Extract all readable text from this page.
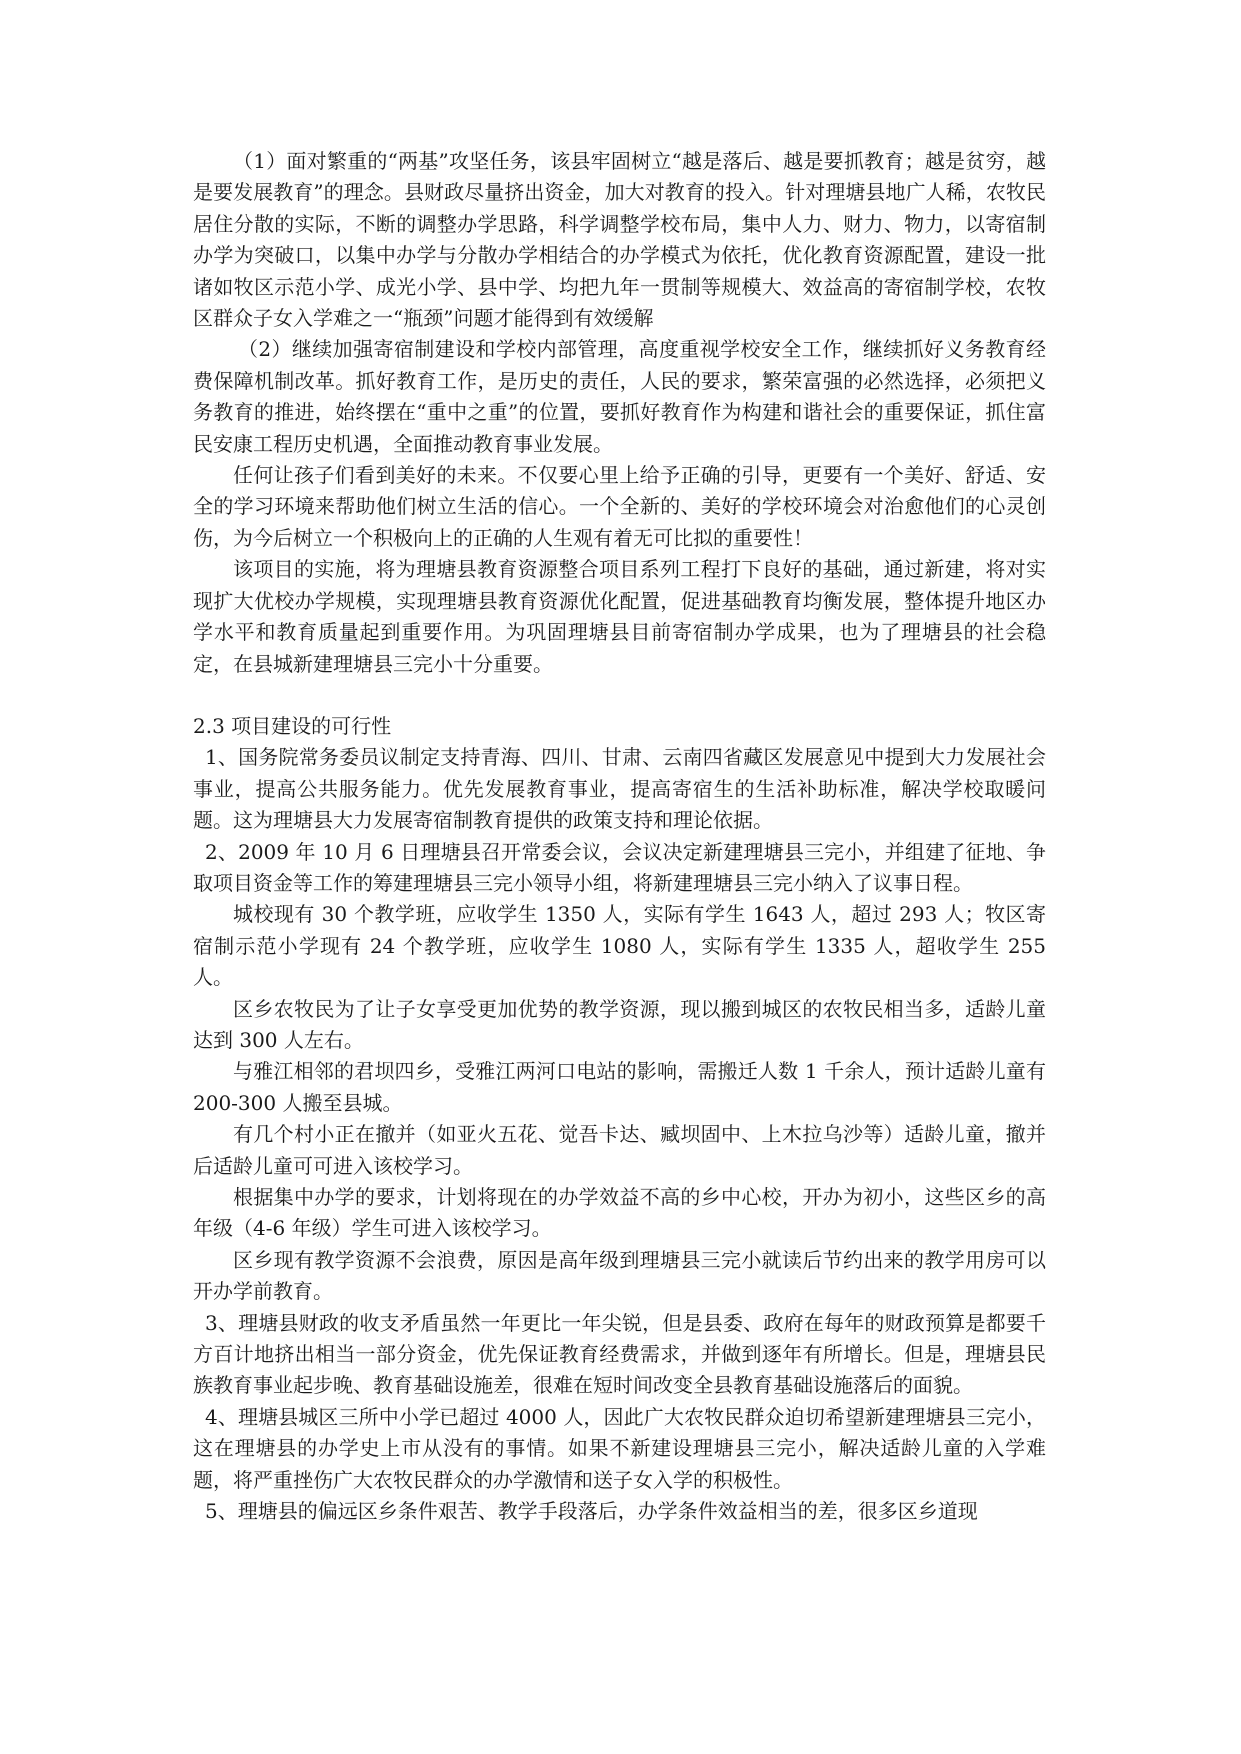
（1）面对繁重的“两基”攻坚任务，该县牢固树立“越是落后、越是要抓教育；越是贫穷，越是要发展教育”的理念。县财政尽量挤出资金，加大对教育的投入。针对理塘县地广人稀，农牧民居住分散的实际，不断的调整办学思路，科学调整学校布局，集中人力、财力、物力，以寄宿制办学为突破口，以集中办学与分散办学相结合的办学模式为依托，优化教育资源配置，建设一批诸如牧区示范小学、成光小学、县中学、均把九年一贯制等规模大、效益高的寄宿制学校，农牧区群众子女入学难之一“瓶颈”问题才能得到有效缓解

（2）继续加强寄宿制建设和学校内部管理，高度重视学校安全工作，继续抓好义务教育经费保障机制改革。抓好教育工作，是历史的责任，人民的要求，繁荣富强的必然选择，必须把义务教育的推进，始终摆在“重中之重”的位置，要抓好教育作为构建和谐社会的重要保证，抓住富民安康工程历史机遇，全面推动教育事业发展。

任何让孩子们看到美好的未来。不仅要心里上给予正确的引导，更要有一个美好、舒适、安全的学习环境来帮助他们树立生活的信心。一个全新的、美好的学校环境会对治愈他们的心灵创伤，为今后树立一个积极向上的正确的人生观有着无可比拟的重要性！

该项目的实施，将为理塘县教育资源整合项目系列工程打下良好的基础，通过新建，将对实现扩大优校办学规模，实现理塘县教育资源优化配置，促进基础教育均衡发展，整体提升地区办学水平和教育质量起到重要作用。为巩固理塘县目前寄宿制办学成果，也为了理塘县的社会稳定，在县城新建理塘县三完小十分重要。

2.3 项目建设的可行性

1、国务院常务委员议制定支持青海、四川、甘肃、云南四省藏区发展意见中提到大力发展社会事业，提高公共服务能力。优先发展教育事业，提高寄宿生的生活补助标准，解决学校取暖问题。这为理塘县大力发展寄宿制教育提供的政策支持和理论依据。

2、2009 年 10 月 6 日理塘县召开常委会议，会议决定新建理塘县三完小，并组建了征地、争取项目资金等工作的筹建理塘县三完小领导小组，将新建理塘县三完小纳入了议事日程。

城校现有 30 个教学班，应收学生 1350 人，实际有学生 1643 人，超过 293 人；牧区寄宿制示范小学现有 24 个教学班，应收学生 1080 人，实际有学生 1335 人，超收学生 255 人。

区乡农牧民为了让子女享受更加优势的教学资源，现以搬到城区的农牧民相当多，适龄儿童达到 300 人左右。

与雅江相邻的君坝四乡，受雅江两河口电站的影响，需搬迁人数 1 千余人，预计适龄儿童有 200-300 人搬至县城。

有几个村小正在撤并（如亚火五花、觉吾卡达、臧坝固中、上木拉乌沙等）适龄儿童，撤并后适龄儿童可可进入该校学习。

根据集中办学的要求，计划将现在的办学效益不高的乡中心校，开办为初小，这些区乡的高年级（4-6 年级）学生可进入该校学习。

区乡现有教学资源不会浪费，原因是高年级到理塘县三完小就读后节约出来的教学用房可以开办学前教育。

3、理塘县财政的收支矛盾虽然一年更比一年尖锐，但是县委、政府在每年的财政预算是都要千方百计地挤出相当一部分资金，优先保证教育经费需求，并做到逐年有所增长。但是，理塘县民族教育事业起步晚、教育基础设施差，很难在短时间改变全县教育基础设施落后的面貌。

4、理塘县城区三所中小学已超过 4000 人，因此广大农牧民群众迫切希望新建理塘县三完小，这在理塘县的办学史上市从没有的事情。如果不新建设理塘县三完小，解决适龄儿童的入学难题，将严重挫伤广大农牧民群众的办学激情和送子女入学的积极性。

5、理塘县的偏远区乡条件艰苦、教学手段落后，办学条件效益相当的差，很多区乡道现
